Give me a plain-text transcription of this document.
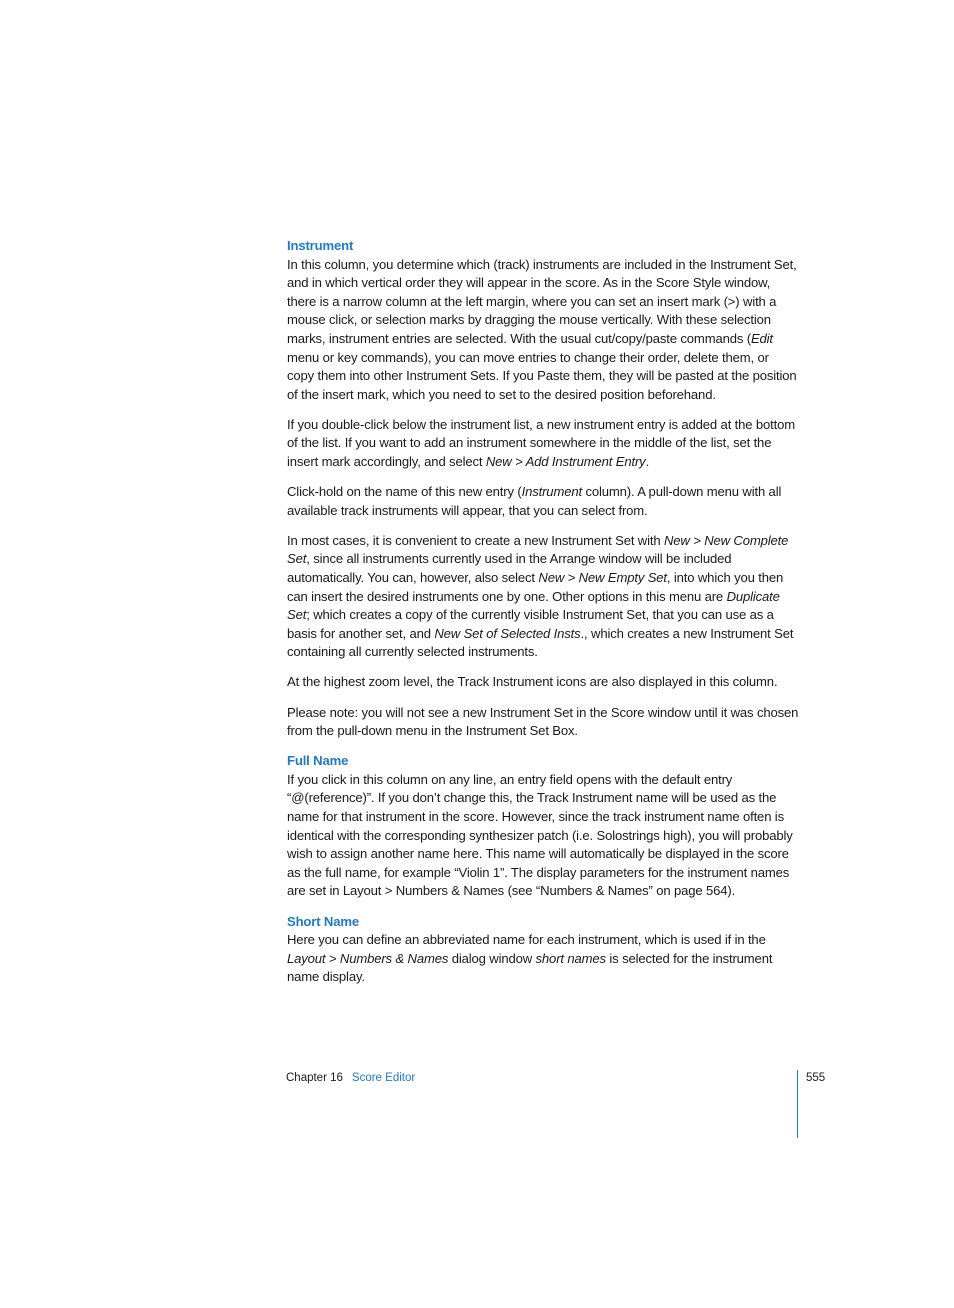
Instrument

In this column, you determine which (track) instruments are included in the Instrument Set, and in which vertical order they will appear in the score. As in the Score Style window, there is a narrow column at the left margin, where you can set an insert mark (>) with a mouse click, or selection marks by dragging the mouse vertically. With these selection marks, instrument entries are selected. With the usual cut/copy/paste commands (Edit menu or key commands), you can move entries to change their order, delete them, or copy them into other Instrument Sets. If you Paste them, they will be pasted at the position of the insert mark, which you need to set to the desired position beforehand.

If you double-click below the instrument list, a new instrument entry is added at the bottom of the list. If you want to add an instrument somewhere in the middle of the list, set the insert mark accordingly, and select New > Add Instrument Entry.

Click-hold on the name of this new entry (Instrument column). A pull-down menu with all available track instruments will appear, that you can select from.

In most cases, it is convenient to create a new Instrument Set with New > New Complete Set, since all instruments currently used in the Arrange window will be included automatically. You can, however, also select New > New Empty Set, into which you then can insert the desired instruments one by one. Other options in this menu are Duplicate Set; which creates a copy of the currently visible Instrument Set, that you can use as a basis for another set, and New Set of Selected Insts., which creates a new Instrument Set containing all currently selected instruments.

At the highest zoom level, the Track Instrument icons are also displayed in this column.

Please note: you will not see a new Instrument Set in the Score window until it was chosen from the pull-down menu in the Instrument Set Box.

Full Name

If you click in this column on any line, an entry field opens with the default entry “@(reference)”. If you don’t change this, the Track Instrument name will be used as the name for that instrument in the score. However, since the track instrument name often is identical with the corresponding synthesizer patch (i.e. Solostrings high), you will probably wish to assign another name here. This name will automatically be displayed in the score as the full name, for example “Violin 1”. The display parameters for the instrument names are set in Layout > Numbers & Names (see “Numbers & Names” on page 564).

Short Name

Here you can define an abbreviated name for each instrument, which is used if in the Layout > Numbers & Names dialog window short names is selected for the instrument name display.

Chapter 16 Score Editor	555
